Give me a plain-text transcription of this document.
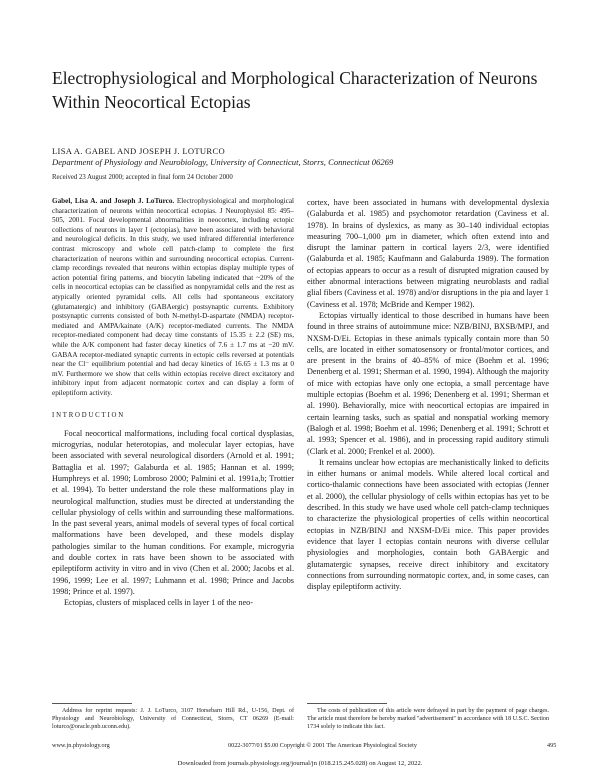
Electrophysiological and Morphological Characterization of Neurons Within Neocortical Ectopias
LISA A. GABEL AND JOSEPH J. LOTURCO
Department of Physiology and Neurobiology, University of Connecticut, Storrs, Connecticut 06269
Received 23 August 2000; accepted in final form 24 October 2000

Gabel, Lisa A. and Joseph J. LoTurco. Electrophysiological and morphological characterization of neurons within neocortical ectopias. J Neurophysiol 85: 495–505, 2001. Focal developmental abnormalities in neocortex, including ectopic collections of neurons in layer I (ectopias), have been associated with behavioral and neurological deficits. In this study, we used infrared differential interference contrast microscopy and whole cell patch-clamp to complete the first characterization of neurons within and surrounding neocortical ectopias. Current-clamp recordings revealed that neurons within ectopias display multiple types of action potential firing patterns, and biocytin labeling indicated that ~20% of the cells in neocortical ectopias can be classified as nonpyramidal cells and the rest as atypically oriented pyramidal cells. All cells had spontaneous excitatory (glutamatergic) and inhibitory (GABAergic) postsynaptic currents. Exhibitory postsynaptic currents consisted of both N-methyl-D-aspartate (NMDA) receptor-mediated and AMPA/kainate (A/K) receptor-mediated currents. The NMDA receptor-mediated component had decay time constants of 15.35 ± 2.2 (SE) ms, while the A/K component had faster decay kinetics of 7.6 ± 1.7 ms at −20 mV. GABAA receptor-mediated synaptic currents in ectopic cells reversed at potentials near the Cl⁻ equilibrium potential and had decay kinetics of 16.65 ± 1.3 ms at 0 mV. Furthermore we show that cells within ectopias receive direct excitatory and inhibitory input from adjacent normatopic cortex and can display a form of epileptiform activity.

INTRODUCTION

Focal neocortical malformations, including focal cortical dysplasias, microgyrias, nodular heterotopias, and molecular layer ectopias, have been associated with several neurological disorders (Arnold et al. 1991; Battaglia et al. 1997; Galaburda et al. 1985; Hannan et al. 1999; Humphreys et al. 1990; Lombroso 2000; Palmini et al. 1991a,b; Trottier et al. 1994). To better understand the role these malformations play in neurological malfunction, studies must be directed at understanding the cellular physiology of cells within and surrounding these malformations. In the past several years, animal models of several types of focal cortical malformations have been developed, and these models display pathologies similar to the human conditions. For example, microgyria and double cortex in rats have been shown to be associated with epileptiform activity in vitro and in vivo (Chen et al. 2000; Jacobs et al. 1996, 1999; Lee et al. 1997; Luhmann et al. 1998; Prince and Jacobs 1998; Prince et al. 1997).

Ectopias, clusters of misplaced cells in layer 1 of the neo-

cortex, have been associated in humans with developmental dyslexia (Galaburda et al. 1985) and psychomotor retardation (Caviness et al. 1978). In brains of dyslexics, as many as 30–140 individual ectopias measuring 700–1,000 μm in diameter, which often extend into and disrupt the laminar pattern in cortical layers 2/3, were identified (Galaburda et al. 1985; Kaufmann and Galaburda 1989). The formation of ectopias appears to occur as a result of disrupted migration caused by either abnormal interactions between migrating neuroblasts and radial glial fibers (Caviness et al. 1978) and/or disruptions in the pia and layer 1 (Caviness et al. 1978; McBride and Kemper 1982).

Ectopias virtually identical to those described in humans have been found in three strains of autoimmune mice: NZB/BINJ, BXSB/MPJ, and NXSM-D/Ei. Ectopias in these animals typically contain more than 50 cells, are located in either somatosensory or frontal/motor cortices, and are present in the brains of 40–85% of mice (Boehm et al. 1996; Denenberg et al. 1991; Sherman et al. 1990, 1994). Although the majority of mice with ectopias have only one ectopia, a small percentage have multiple ectopias (Boehm et al. 1996; Denenberg et al. 1991; Sherman et al. 1990). Behaviorally, mice with neocortical ectopias are impaired in certain learning tasks, such as spatial and nonspatial working memory (Balogh et al. 1998; Boehm et al. 1996; Denenberg et al. 1991; Schrott et al. 1993; Spencer et al. 1986), and in processing rapid auditory stimuli (Clark et al. 2000; Frenkel et al. 2000).

It remains unclear how ectopias are mechanistically linked to deficits in either humans or animal models. While altered local cortical and cortico-thalamic connections have been associated with ectopias (Jenner et al. 2000), the cellular physiology of cells within ectopias has yet to be described. In this study we have used whole cell patch-clamp techniques to characterize the physiological properties of cells within neocortical ectopias in NZB/BINJ and NXSM-D/Ei mice. This paper provides evidence that layer I ectopias contain neurons with diverse cellular physiologies and morphologies, contain both GABAergic and glutamatergic synapses, receive direct inhibitory and excitatory connections from surrounding normatopic cortex, and, in some cases, can display epileptiform activity.

Address for reprint requests: J. J. LoTurco, 3107 Horsebarn Hill Rd., U-156, Dept. of Physiology and Neurobiology, University of Connecticut, Storrs, CT 06269 (E-mail: loturco@oracle.pnb.uconn.edu).
The costs of publication of this article were defrayed in part by the payment of page charges. The article must therefore be hereby marked ''advertisement'' in accordance with 18 U.S.C. Section 1734 solely to indicate this fact.
www.jn.physiology.org	0022-3077/01 $5.00 Copyright © 2001 The American Physiological Society	495
Downloaded from journals.physiology.org/journal/jn (018.215.245.028) on August 12, 2022.
